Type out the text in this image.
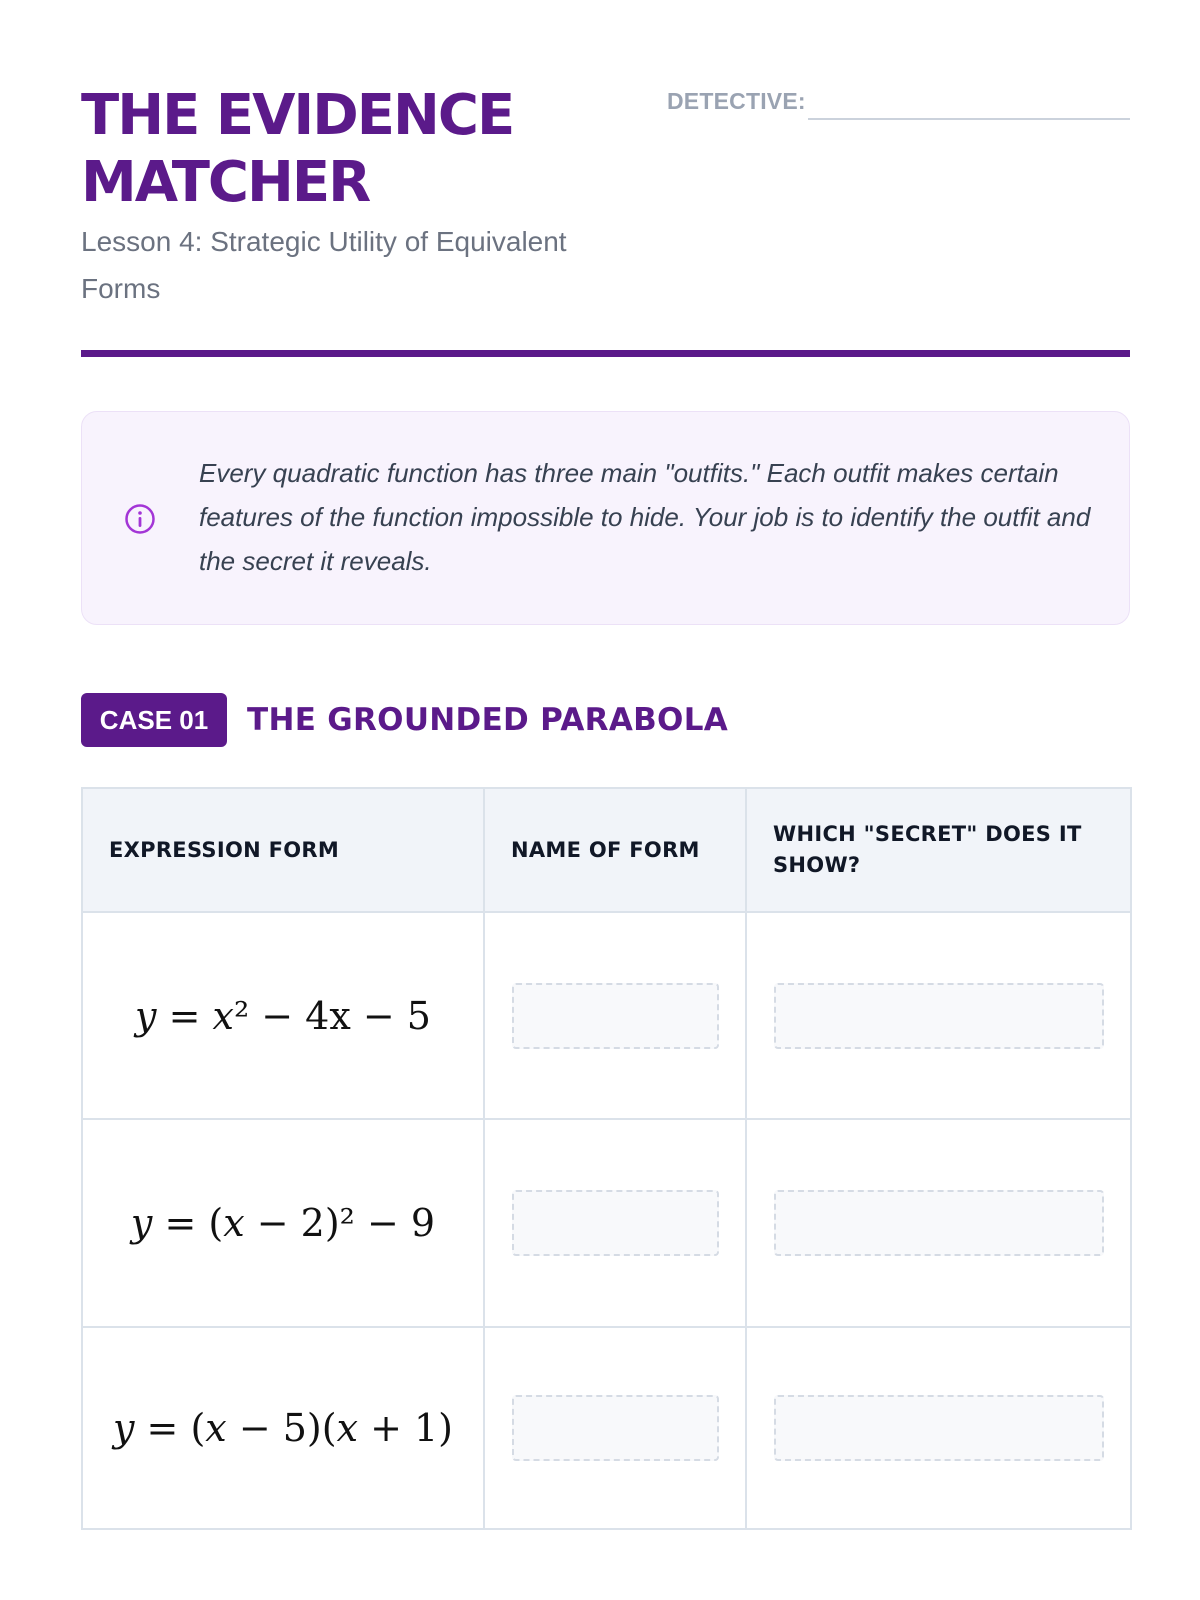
THE EVIDENCE
MATCHER
Lesson 4: Strategic Utility of Equivalent Forms
DETECTIVE:

Every quadratic function has three main "outfits." Each outfit makes certain features of the function impossible to hide. Your job is to identify the outfit and the secret it reveals.

CASE 01	THE GROUNDED PARABOLA
EXPRESSION FORM	NAME OF FORM	WHICH "SECRET" DOES IT SHOW?
y = x² − 4x − 5	

y = (x − 2)² − 9	

y = (x − 5)(x + 1)	
